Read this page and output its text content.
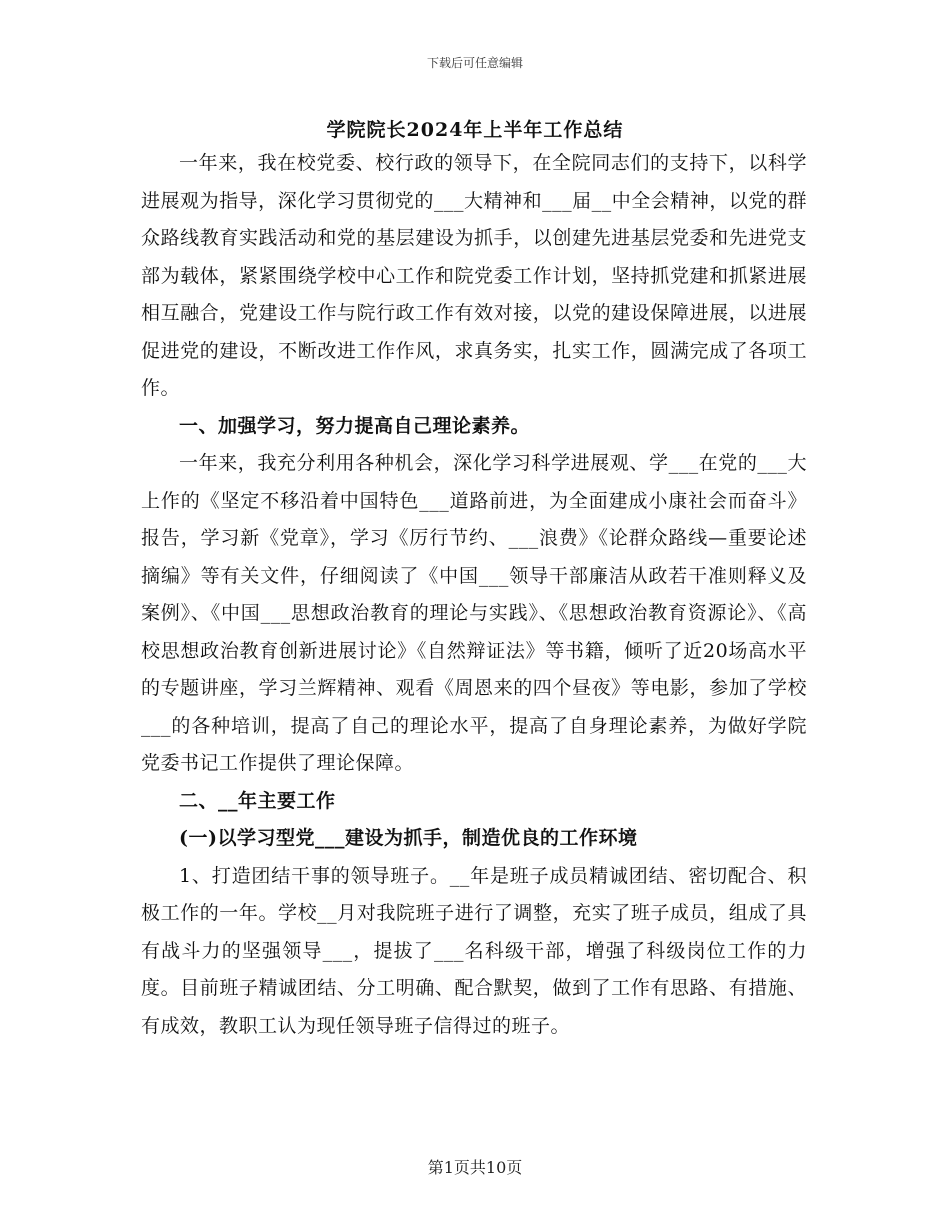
下载后可任意编辑
学院院长2024年上半年工作总结

一年来，我在校党委、校行政的领导下，在全院同志们的支持下，以科学进展观为指导，深化学习贯彻党的___大精神和___届__中全会精神，以党的群众路线教育实践活动和党的基层建设为抓手，以创建先进基层党委和先进党支部为载体，紧紧围绕学校中心工作和院党委工作计划，坚持抓党建和抓紧进展相互融合，党建设工作与院行政工作有效对接，以党的建设保障进展，以进展促进党的建设，不断改进工作作风，求真务实，扎实工作，圆满完成了各项工作。

一、加强学习，努力提高自己理论素养。

一年来，我充分利用各种机会，深化学习科学进展观、学___在党的___大上作的《坚定不移沿着中国特色___道路前进，为全面建成小康社会而奋斗》报告，学习新《党章》，学习《厉行节约、___浪费》《论群众路线—重要论述摘编》等有关文件，仔细阅读了《中国___领导干部廉洁从政若干准则释义及案例》、《中国___思想政治教育的理论与实践》、《思想政治教育资源论》、《高校思想政治教育创新进展讨论》《自然辩证法》等书籍，倾听了近20场高水平的专题讲座，学习兰辉精神、观看《周恩来的四个昼夜》等电影，参加了学校___的各种培训，提高了自己的理论水平，提高了自身理论素养，为做好学院党委书记工作提供了理论保障。

二、__年主要工作

(一)以学习型党___建设为抓手，制造优良的工作环境

1、打造团结干事的领导班子。__年是班子成员精诚团结、密切配合、积极工作的一年。学校__月对我院班子进行了调整，充实了班子成员，组成了具有战斗力的坚强领导___，提拔了___名科级干部，增强了科级岗位工作的力度。目前班子精诚团结、分工明确、配合默契，做到了工作有思路、有措施、有成效，教职工认为现任领导班子信得过的班子。

第1页共10页
